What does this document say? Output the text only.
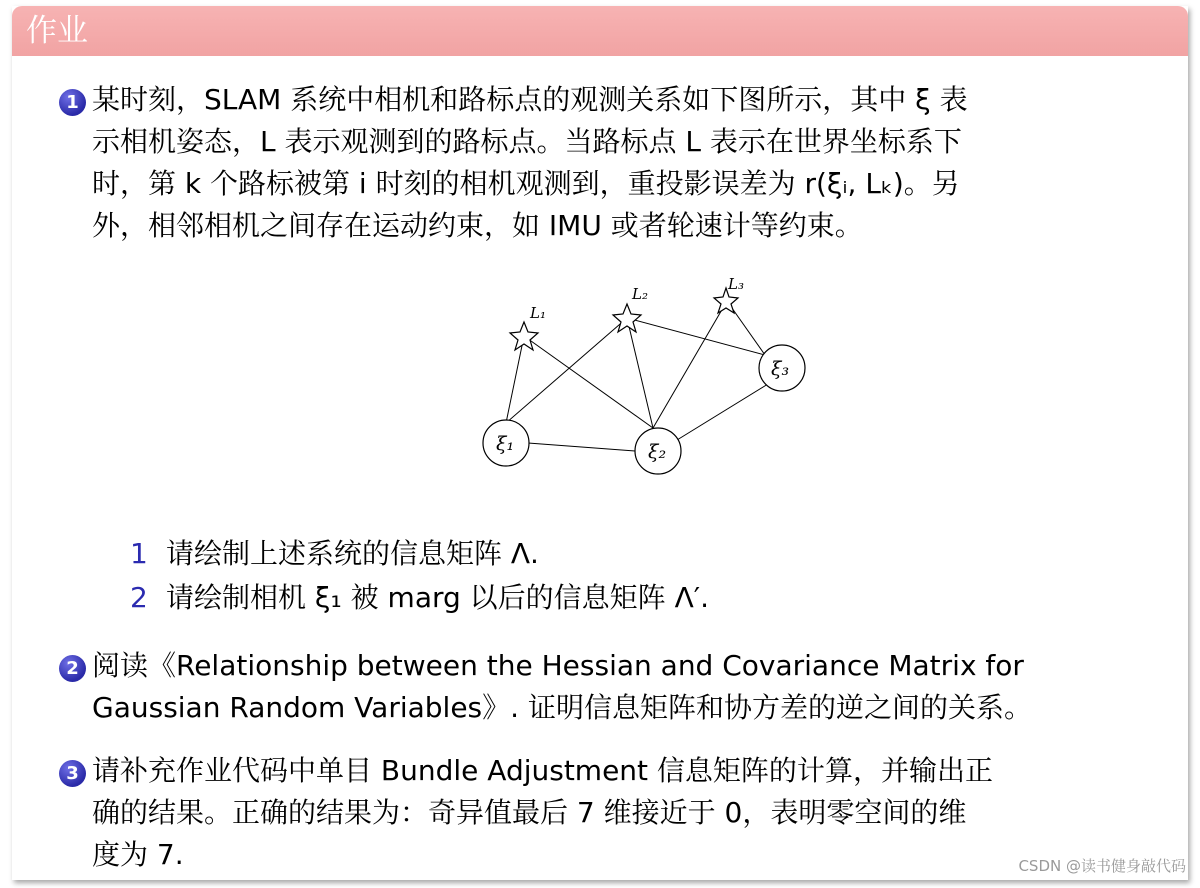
作业
1 某时刻，SLAM 系统中相机和路标点的观测关系如下图所示，其中 ξ 表
示相机姿态，L 表示观测到的路标点。当路标点 L 表示在世界坐标系下
时，第 k 个路标被第 i 时刻的相机观测到，重投影误差为 r(ξᵢ, Lₖ)。另
外，相邻相机之间存在运动约束，如 IMU 或者轮速计等约束。
L₁
L₂
L₃
ξ₁	ξ₂
ξ₃
1 请绘制上述系统的信息矩阵 Λ.
2 请绘制相机 ξ₁ 被 marg 以后的信息矩阵 Λ′.
2 阅读《Relationship between the Hessian and Covariance Matrix for
Gaussian Random Variables》. 证明信息矩阵和协方差的逆之间的关系。
3 请补充作业代码中单目 Bundle Adjustment 信息矩阵的计算，并输出正
确的结果。正确的结果为：奇异值最后 7 维接近于 0，表明零空间的维
度为 7.	CSDN @读书健身敲代码
